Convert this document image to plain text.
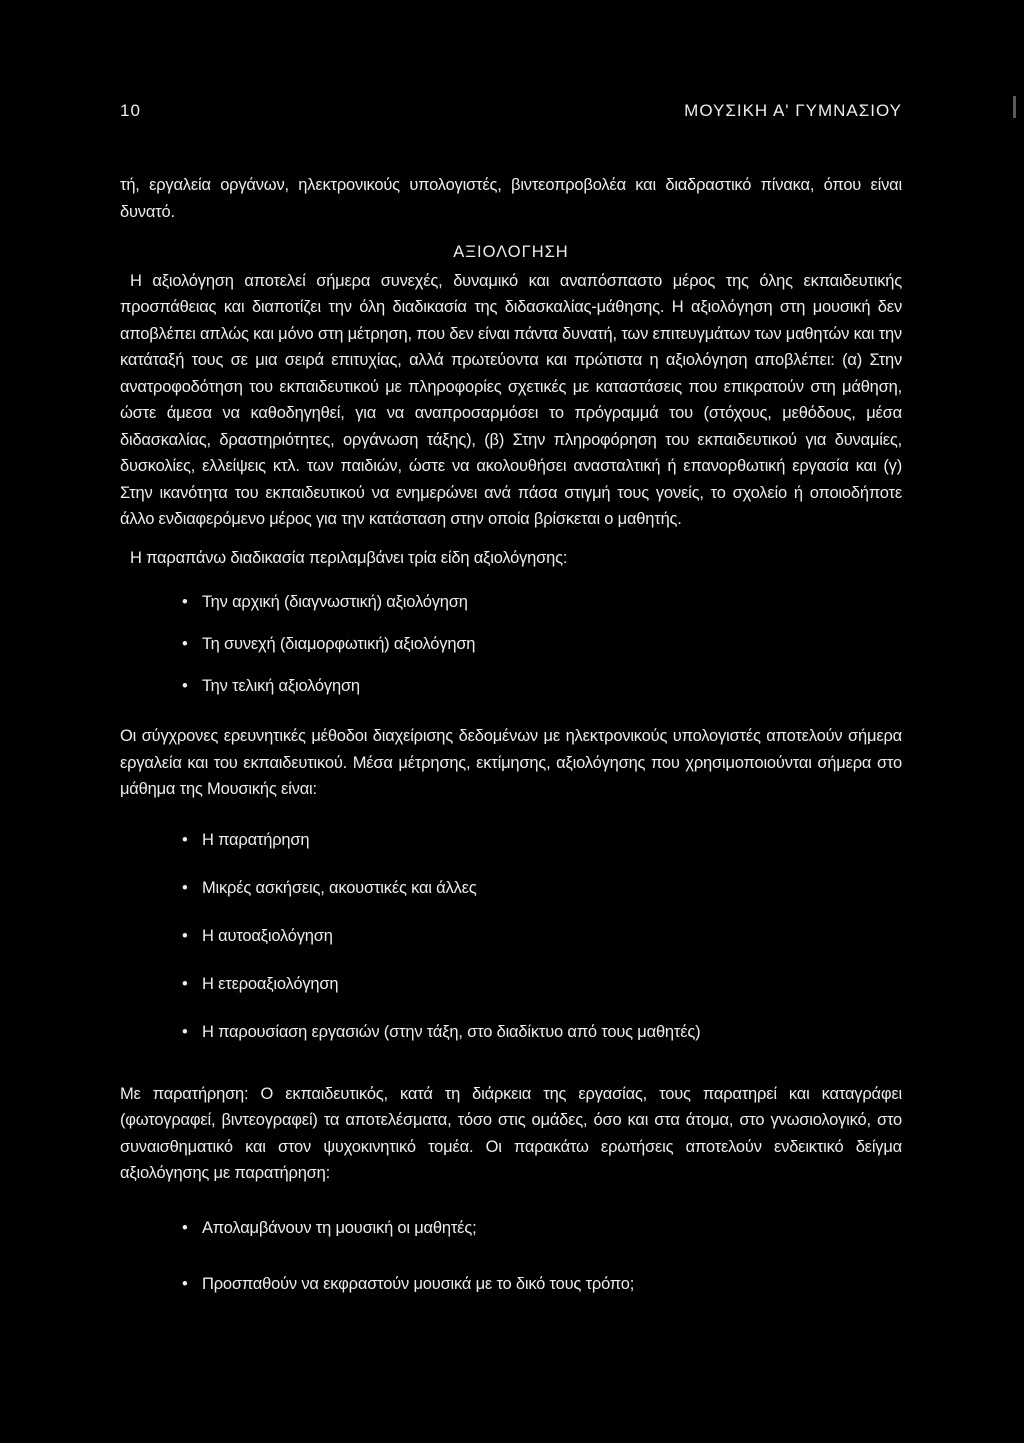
10	ΜΟΥΣΙΚΗ Α' ΓΥΜΝΑΣΙΟΥ

τή, εργαλεία οργάνων, ηλεκτρονικούς υπολογιστές, βιντεοπροβολέα και διαδραστικό πίνακα, όπου είναι δυνατό.

ΑΞΙΟΛΟΓΗΣΗ

Η αξιολόγηση αποτελεί σήμερα συνεχές, δυναμικό και αναπόσπαστο μέρος της όλης εκπαιδευτικής προσπάθειας και διαποτίζει την όλη διαδικασία της διδασκαλίας-μάθησης. Η αξιολόγηση στη μουσική δεν αποβλέπει απλώς και μόνο στη μέτρηση, που δεν είναι πάντα δυνατή, των επιτευγμάτων των μαθητών και την κατάταξή τους σε μια σειρά επιτυχίας, αλλά πρωτεύοντα και πρώτιστα η αξιολόγηση αποβλέπει: (α) Στην ανατροφοδότηση του εκπαιδευτικού με πληροφορίες σχετικές με καταστάσεις που επικρατούν στη μάθηση, ώστε άμεσα να καθοδηγηθεί, για να αναπροσαρμόσει το πρόγραμμά του (στόχους, μεθόδους, μέσα διδασκαλίας, δραστηριότητες, οργάνωση τάξης), (β) Στην πληροφόρηση του εκπαιδευτικού για δυναμίες, δυσκολίες, ελλείψεις κτλ. των παιδιών, ώστε να ακολουθήσει ανασταλτική ή επανορθωτική εργασία και (γ) Στην ικανότητα του εκπαιδευτικού να ενημερώνει ανά πάσα στιγμή τους γονείς, το σχολείο ή οποιοδήποτε άλλο ενδιαφερόμενο μέρος για την κατάσταση στην οποία βρίσκεται ο μαθητής.

Η παραπάνω διαδικασία περιλαμβάνει τρία είδη αξιολόγησης:

• Την αρχική (διαγνωστική) αξιολόγηση
• Τη συνεχή (διαμορφωτική) αξιολόγηση
• Την τελική αξιολόγηση

Οι σύγχρονες ερευνητικές μέθοδοι διαχείρισης δεδομένων με ηλεκτρονικούς υπολογιστές αποτελούν σήμερα εργαλεία και του εκπαιδευτικού. Μέσα μέτρησης, εκτίμησης, αξιολόγησης που χρησιμοποιούνται σήμερα στο μάθημα της Μουσικής είναι:

• Η παρατήρηση
• Μικρές ασκήσεις, ακουστικές και άλλες
• Η αυτοαξιολόγηση
• Η ετεροαξιολόγηση
• Η παρουσίαση εργασιών (στην τάξη, στο διαδίκτυο από τους μαθητές)

Με παρατήρηση: Ο εκπαιδευτικός, κατά τη διάρκεια της εργασίας, τους παρατηρεί και καταγράφει (φωτογραφεί, βιντεογραφεί) τα αποτελέσματα, τόσο στις ομάδες, όσο και στα άτομα, στο γνωσιολογικό, στο συναισθηματικό και στον ψυχοκινητικό τομέα. Οι παρακάτω ερωτήσεις αποτελούν ενδεικτικό δείγμα αξιολόγησης με παρατήρηση:

• Απολαμβάνουν τη μουσική οι μαθητές;
• Προσπαθούν να εκφραστούν μουσικά με το δικό τους τρόπο;
